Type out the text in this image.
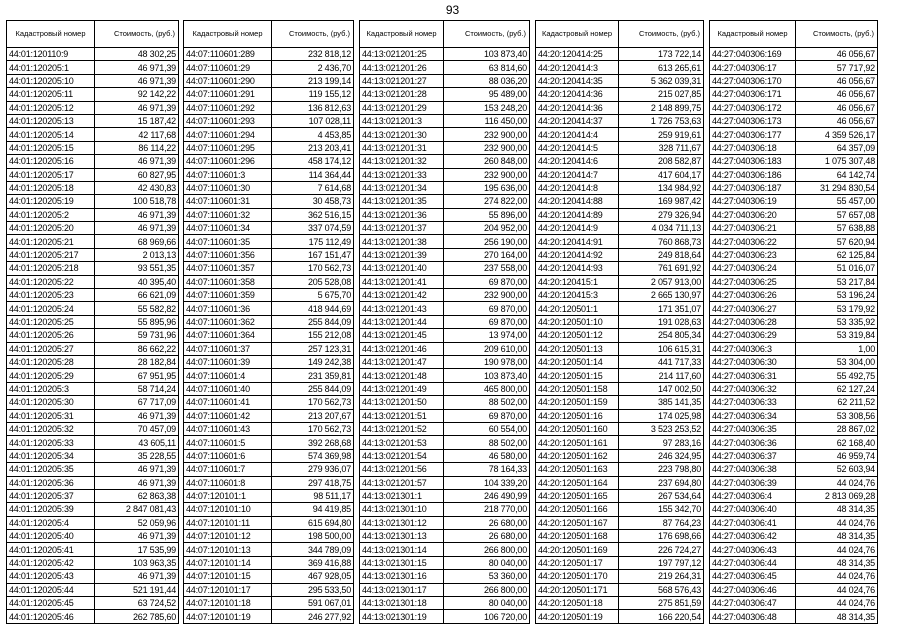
93
Кадастровый номер	Стоимость, (руб.)
44:01:120110:9	48 302,25
44:01:120205:1	46 971,39
44:01:120205:10	46 971,39
44:01:120205:11	92 142,22
44:01:120205:12	46 971,39
44:01:120205:13	15 187,42
44:01:120205:14	42 117,68
44:01:120205:15	86 114,22
44:01:120205:16	46 971,39
44:01:120205:17	60 827,95
44:01:120205:18	42 430,83
44:01:120205:19	100 518,78
44:01:120205:2	46 971,39
44:01:120205:20	46 971,39
44:01:120205:21	68 969,66
44:01:120205:217	2 013,13
44:01:120205:218	93 551,35
44:01:120205:22	40 395,40
44:01:120205:23	66 621,09
44:01:120205:24	55 582,82
44:01:120205:25	55 895,96
44:01:120205:26	59 731,96
44:01:120205:27	86 662,22
44:01:120205:28	28 182,84
44:01:120205:29	67 951,95
44:01:120205:3	58 714,24
44:01:120205:30	67 717,09
44:01:120205:31	46 971,39
44:01:120205:32	70 457,09
44:01:120205:33	43 605,11
44:01:120205:34	35 228,55
44:01:120205:35	46 971,39
44:01:120205:36	46 971,39
44:01:120205:37	62 863,38
44:01:120205:39	2 847 081,43
44:01:120205:4	52 059,96
44:01:120205:40	46 971,39
44:01:120205:41	17 535,99
44:01:120205:42	103 963,35
44:01:120205:43	46 971,39
44:01:120205:44	521 191,44
44:01:120205:45	63 724,52
44:01:120205:46	262 785,60
Кадастровый номер	Стоимость, (руб.)
44:07:110601:289	232 818,12
44:07:110601:29	2 436,70
44:07:110601:290	213 199,14
44:07:110601:291	119 155,12
44:07:110601:292	136 812,63
44:07:110601:293	107 028,11
44:07:110601:294	4 453,85
44:07:110601:295	213 203,41
44:07:110601:296	458 174,12
44:07:110601:3	114 364,44
44:07:110601:30	7 614,68
44:07:110601:31	30 458,73
44:07:110601:32	362 516,15
44:07:110601:34	337 074,59
44:07:110601:35	175 112,49
44:07:110601:356	167 151,47
44:07:110601:357	170 562,73
44:07:110601:358	205 528,08
44:07:110601:359	5 675,70
44:07:110601:36	418 944,69
44:07:110601:362	255 844,09
44:07:110601:364	155 212,08
44:07:110601:37	257 123,31
44:07:110601:39	149 242,38
44:07:110601:4	231 359,81
44:07:110601:40	255 844,09
44:07:110601:41	170 562,73
44:07:110601:42	213 207,67
44:07:110601:43	170 562,73
44:07:110601:5	392 268,68
44:07:110601:6	574 369,98
44:07:110601:7	279 936,07
44:07:110601:8	297 418,75
44:07:120101:1	98 511,17
44:07:120101:10	94 419,85
44:07:120101:11	615 694,80
44:07:120101:12	198 500,00
44:07:120101:13	344 789,09
44:07:120101:14	369 416,88
44:07:120101:15	467 928,05
44:07:120101:17	295 533,50
44:07:120101:18	591 067,01
44:07:120101:19	246 277,92
Кадастровый номер	Стоимость, (руб.)
44:13:021201:25	103 873,40
44:13:021201:26	63 814,60
44:13:021201:27	88 036,20
44:13:021201:28	95 489,00
44:13:021201:29	153 248,20
44:13:021201:3	116 450,00
44:13:021201:30	232 900,00
44:13:021201:31	232 900,00
44:13:021201:32	260 848,00
44:13:021201:33	232 900,00
44:13:021201:34	195 636,00
44:13:021201:35	274 822,00
44:13:021201:36	55 896,00
44:13:021201:37	204 952,00
44:13:021201:38	256 190,00
44:13:021201:39	270 164,00
44:13:021201:40	237 558,00
44:13:021201:41	69 870,00
44:13:021201:42	232 900,00
44:13:021201:43	69 870,00
44:13:021201:44	69 870,00
44:13:021201:45	13 974,00
44:13:021201:46	209 610,00
44:13:021201:47	190 978,00
44:13:021201:48	103 873,40
44:13:021201:49	465 800,00
44:13:021201:50	88 502,00
44:13:021201:51	69 870,00
44:13:021201:52	60 554,00
44:13:021201:53	88 502,00
44:13:021201:54	46 580,00
44:13:021201:56	78 164,33
44:13:021201:57	104 339,20
44:13:021301:1	246 490,99
44:13:021301:10	218 770,00
44:13:021301:12	26 680,00
44:13:021301:13	26 680,00
44:13:021301:14	266 800,00
44:13:021301:15	80 040,00
44:13:021301:16	53 360,00
44:13:021301:17	266 800,00
44:13:021301:18	80 040,00
44:13:021301:19	106 720,00
Кадастровый номер	Стоимость, (руб.)
44:20:120414:25	173 722,14
44:20:120414:3	613 265,61
44:20:120414:35	5 362 039,31
44:20:120414:36	215 027,85
44:20:120414:36	2 148 899,75
44:20:120414:37	1 726 753,63
44:20:120414:4	259 919,61
44:20:120414:5	328 711,67
44:20:120414:6	208 582,87
44:20:120414:7	417 604,17
44:20:120414:8	134 984,92
44:20:120414:88	169 987,42
44:20:120414:89	279 326,94
44:20:120414:9	4 034 711,13
44:20:120414:91	760 868,73
44:20:120414:92	249 818,64
44:20:120414:93	761 691,92
44:20:120415:1	2 057 913,00
44:20:120415:3	2 665 130,97
44:20:120501:1	171 351,07
44:20:120501:10	191 028,63
44:20:120501:12	254 805,34
44:20:120501:13	106 615,31
44:20:120501:14	441 717,33
44:20:120501:15	214 117,60
44:20:120501:158	147 002,50
44:20:120501:159	385 141,35
44:20:120501:16	174 025,98
44:20:120501:160	3 523 253,52
44:20:120501:161	97 283,16
44:20:120501:162	246 324,95
44:20:120501:163	223 798,80
44:20:120501:164	237 694,80
44:20:120501:165	267 534,64
44:20:120501:166	155 342,70
44:20:120501:167	87 764,23
44:20:120501:168	176 698,66
44:20:120501:169	226 724,27
44:20:120501:17	197 797,12
44:20:120501:170	219 264,31
44:20:120501:171	568 576,43
44:20:120501:18	275 851,59
44:20:120501:19	166 220,54
Кадастровый номер	Стоимость, (руб.)
44:27:040306:169	46 056,67
44:27:040306:17	57 717,92
44:27:040306:170	46 056,67
44:27:040306:171	46 056,67
44:27:040306:172	46 056,67
44:27:040306:173	46 056,67
44:27:040306:177	4 359 526,17
44:27:040306:18	64 357,09
44:27:040306:183	1 075 307,48
44:27:040306:186	64 142,74
44:27:040306:187	31 294 830,54
44:27:040306:19	55 457,00
44:27:040306:20	57 657,08
44:27:040306:21	57 638,88
44:27:040306:22	57 620,94
44:27:040306:23	62 125,84
44:27:040306:24	51 016,07
44:27:040306:25	53 217,84
44:27:040306:26	53 196,24
44:27:040306:27	53 179,92
44:27:040306:28	53 335,92
44:27:040306:29	53 319,84
44:27:040306:3	1,00
44:27:040306:30	53 304,00
44:27:040306:31	55 492,75
44:27:040306:32	62 127,24
44:27:040306:33	62 211,52
44:27:040306:34	53 308,56
44:27:040306:35	28 867,02
44:27:040306:36	62 168,40
44:27:040306:37	46 959,74
44:27:040306:38	52 603,94
44:27:040306:39	44 024,76
44:27:040306:4	2 813 069,28
44:27:040306:40	48 314,35
44:27:040306:41	44 024,76
44:27:040306:42	48 314,35
44:27:040306:43	44 024,76
44:27:040306:44	48 314,35
44:27:040306:45	44 024,76
44:27:040306:46	44 024,76
44:27:040306:47	44 024,76
44:27:040306:48	48 314,35
